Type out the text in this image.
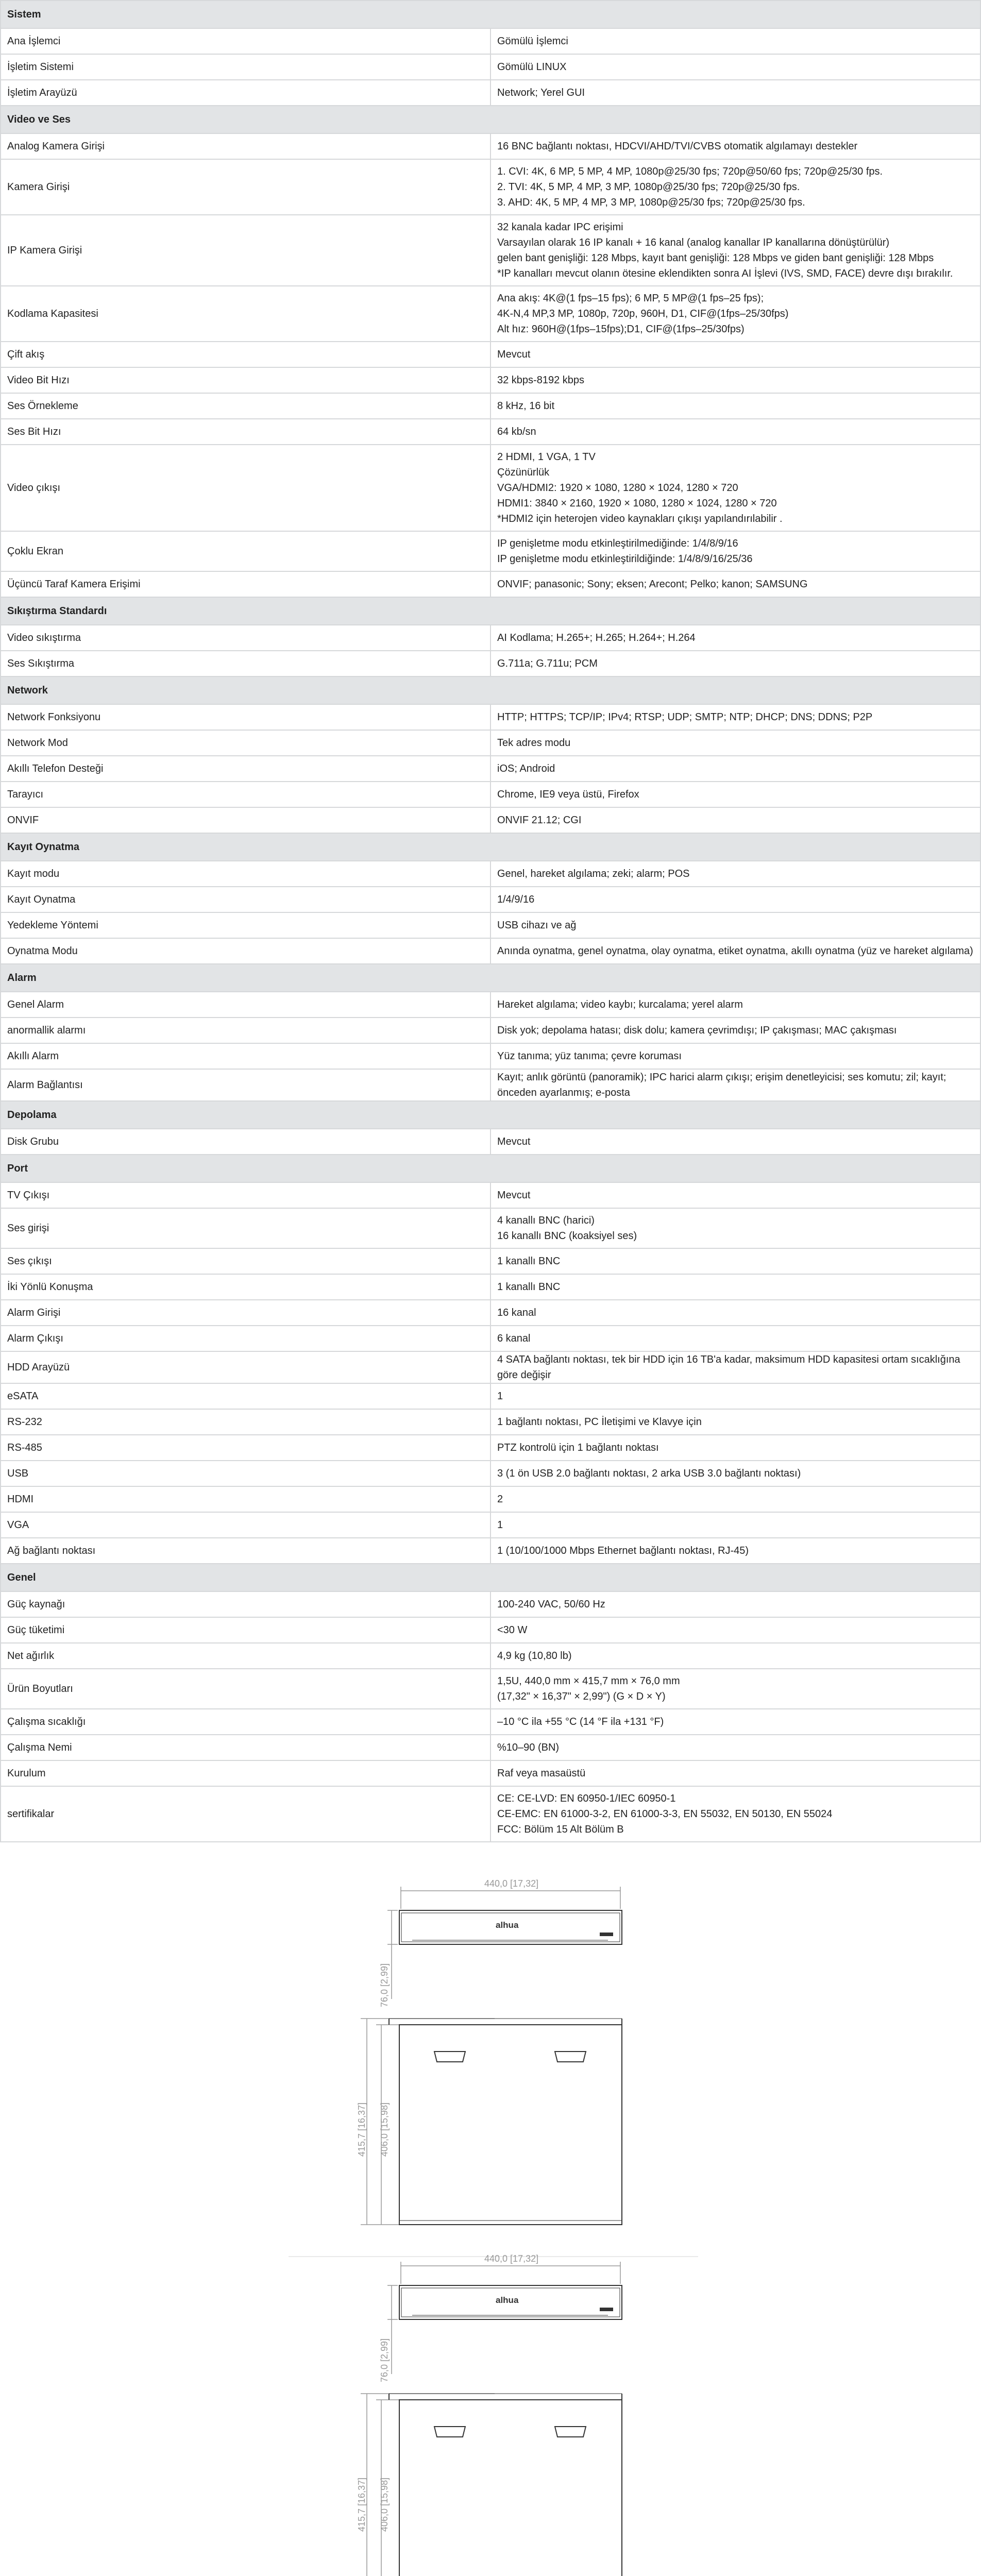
Sistem	
Ana İşlemci	Gömülü İşlemci

İşletim Sistemi	Gömülü LINUX

İşletim Arayüzü	Network; Yerel GUI

Video ve Ses	
Analog Kamera Girişi	16 BNC bağlantı noktası, HDCVI/AHD/TVI/CVBS otomatik algılamayı destekler

Kamera Girişi	1. CVI: 4K, 6 MP, 5 MP, 4 MP, 1080p@25/30 fps; 720p@50/60 fps; 720p@25/30 fps.
2. TVI: 4K, 5 MP, 4 MP, 3 MP, 1080p@25/30 fps; 720p@25/30 fps.
3. AHD: 4K, 5 MP, 4 MP, 3 MP, 1080p@25/30 fps; 720p@25/30 fps.

IP Kamera Girişi	32 kanala kadar IPC erişimi
Varsayılan olarak 16 IP kanalı + 16 kanal (analog kanallar IP kanallarına dönüştürülür)
gelen bant genişliği: 128 Mbps, kayıt bant genişliği: 128 Mbps ve giden bant genişliği: 128 Mbps
*IP kanalları mevcut olanın ötesine eklendikten sonra AI İşlevi (IVS, SMD, FACE) devre dışı bırakılır.

Kodlama Kapasitesi	Ana akış: 4K@(1 fps–15 fps); 6 MP, 5 MP@(1 fps–25 fps);
4K-N,4 MP,3 MP, 1080p, 720p, 960H, D1, CIF@(1fps–25/30fps)
Alt hız: 960H@(1fps–15fps);D1, CIF@(1fps–25/30fps)

Çift akış	Mevcut

Video Bit Hızı	32 kbps-8192 kbps

Ses Örnekleme	8 kHz, 16 bit

Ses Bit Hızı	64 kb/sn

Video çıkışı	2 HDMI, 1 VGA, 1 TV
Çözünürlük
VGA/HDMI2: 1920 × 1080, 1280 × 1024, 1280 × 720
HDMI1: 3840 × 2160, 1920 × 1080, 1280 × 1024, 1280 × 720
*HDMI2 için heterojen video kaynakları çıkışı yapılandırılabilir .

Çoklu Ekran	IP genişletme modu etkinleştirilmediğinde: 1/4/8/9/16
IP genişletme modu etkinleştirildiğinde: 1/4/8/9/16/25/36

Üçüncü Taraf Kamera Erişimi	ONVIF; panasonic; Sony; eksen; Arecont; Pelko; kanon; SAMSUNG

Sıkıştırma Standardı	
Video sıkıştırma	AI Kodlama; H.265+; H.265; H.264+; H.264

Ses Sıkıştırma	G.711a; G.711u; PCM

Network	
Network Fonksiyonu	HTTP; HTTPS; TCP/IP; IPv4; RTSP; UDP; SMTP; NTP; DHCP; DNS; DDNS; P2P

Network Mod	Tek adres modu

Akıllı Telefon Desteği	iOS; Android

Tarayıcı	Chrome, IE9 veya üstü, Firefox

ONVIF	ONVIF 21.12; CGI

Kayıt Oynatma	
Kayıt modu	Genel, hareket algılama; zeki; alarm; POS

Kayıt Oynatma	1/4/9/16

Yedekleme Yöntemi	USB cihazı ve ağ

Oynatma Modu	Anında oynatma, genel oynatma, olay oynatma, etiket oynatma, akıllı oynatma (yüz ve hareket algılama)

Alarm	
Genel Alarm	Hareket algılama; video kaybı; kurcalama; yerel alarm

anormallik alarmı	Disk yok; depolama hatası; disk dolu; kamera çevrimdışı; IP çakışması; MAC çakışması

Akıllı Alarm	Yüz tanıma; yüz tanıma; çevre koruması

Alarm Bağlantısı	Kayıt; anlık görüntü (panoramik); IPC harici alarm çıkışı; erişim denetleyicisi; ses komutu; zil; kayıt; önceden ayarlanmış; e-posta

Depolama	
Disk Grubu	Mevcut

Port	
TV Çıkışı	Mevcut

Ses girişi	4 kanallı BNC (harici)
16 kanallı BNC (koaksiyel ses)

Ses çıkışı	1 kanallı BNC

İki Yönlü Konuşma	1 kanallı BNC

Alarm Girişi	16 kanal

Alarm Çıkışı	6 kanal

HDD Arayüzü	4 SATA bağlantı noktası, tek bir HDD için 16 TB'a kadar, maksimum HDD kapasitesi ortam sıcaklığına göre değişir

eSATA	1

RS-232	1 bağlantı noktası, PC İletişimi ve Klavye için

RS-485	PTZ kontrolü için 1 bağlantı noktası

USB	3 (1 ön USB 2.0 bağlantı noktası, 2 arka USB 3.0 bağlantı noktası)

HDMI	2

VGA	1

Ağ bağlantı noktası	1 (10/100/1000 Mbps Ethernet bağlantı noktası, RJ-45)

Genel	
Güç kaynağı	100-240 VAC, 50/60 Hz

Güç tüketimi	<30 W

Net ağırlık	4,9 kg (10,80 lb)

Ürün Boyutları	1,5U, 440,0 mm × 415,7 mm × 76,0 mm
(17,32" × 16,37" × 2,99") (G × D × Y)

Çalışma sıcaklığı	–10 °C ila +55 °C (14 °F ila +131 °F)

Çalışma Nemi	%10–90 (BN)

Kurulum	Raf veya masaüstü

sertifikalar	CE: CE-LVD: EN 60950-1/IEC 60950-1
CE-EMC: EN 61000-3-2, EN 61000-3-3, EN 55032, EN 50130, EN 55024
FCC: Bölüm 15 Alt Bölüm B
440,0 [17,32]
76,0 [2,99]
alhua
415,7 [16,37] 406,0 [15,98]
440,0 [17,32]
76,0 [2,99]
alhua
415,7 [16,37] 406,0 [15,98]
